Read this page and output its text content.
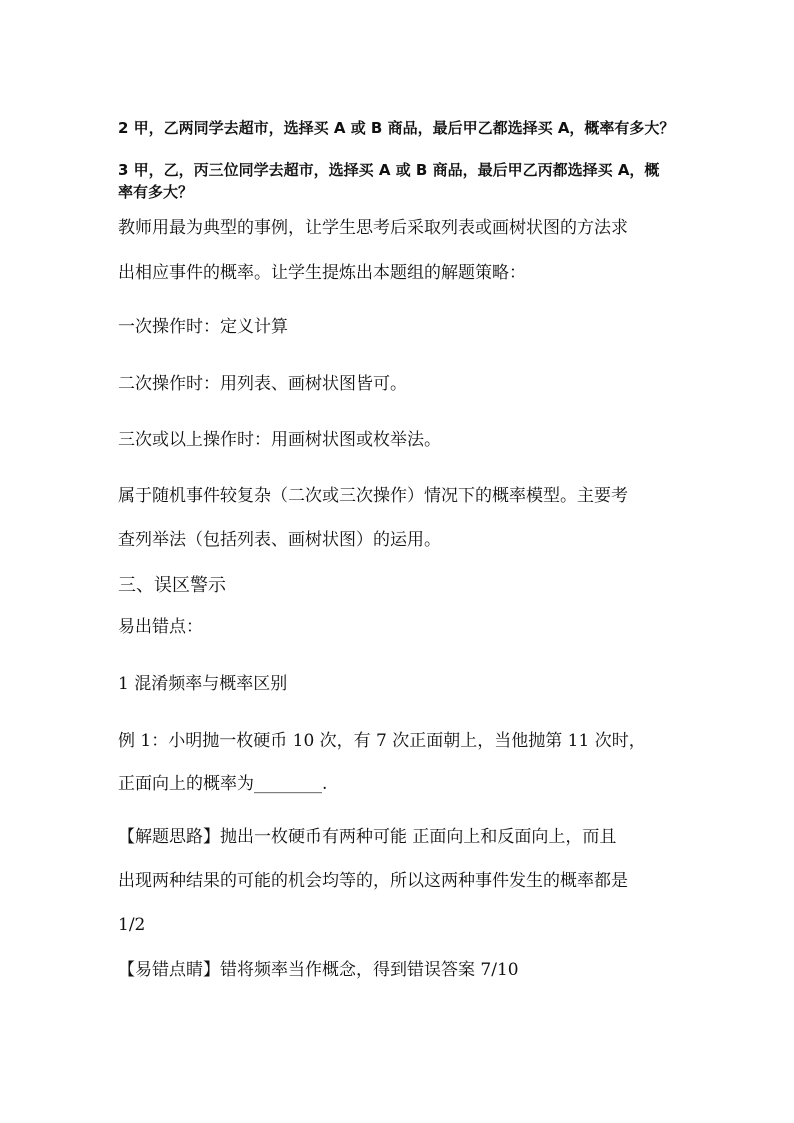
2 甲，乙两同学去超市，选择买 A 或 B 商品，最后甲乙都选择买 A，概率有多大？
3 甲，乙，丙三位同学去超市，选择买 A 或 B 商品，最后甲乙丙都选择买 A，概
率有多大？
教师用最为典型的事例，让学生思考后采取列表或画树状图的方法求
出相应事件的概率。让学生提炼出本题组的解题策略：
一次操作时：定义计算
二次操作时：用列表、画树状图皆可。
三次或以上操作时：用画树状图或枚举法。
属于随机事件较复杂（二次或三次操作）情况下的概率模型。主要考
查列举法（包括列表、画树状图）的运用。
三、误区警示
易出错点：
1 混淆频率与概率区别
例 1：小明抛一枚硬币 10 次，有 7 次正面朝上，当他抛第 11 次时，
正面向上的概率为________.
【解题思路】抛出一枚硬币有两种可能 正面向上和反面向上，而且
出现两种结果的可能的机会均等的，所以这两种事件发生的概率都是
1/2
【易错点睛】错将频率当作概念，得到错误答案 7/10
